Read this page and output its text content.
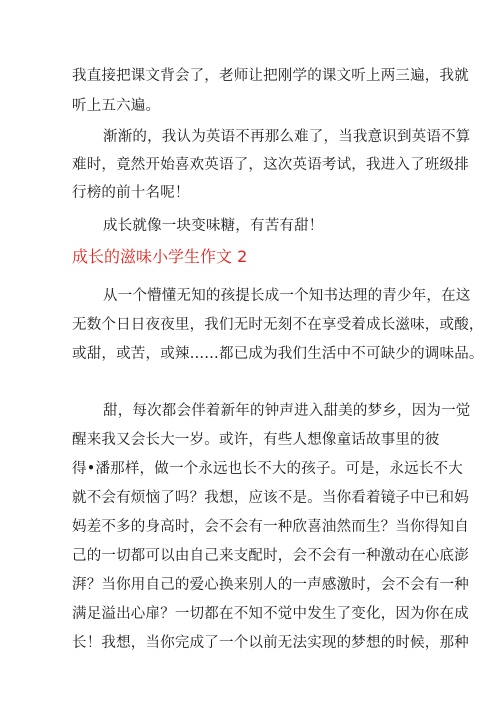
我直接把课文背会了，老师让把刚学的课文听上两三遍，我就
听上五六遍。
渐渐的，我认为英语不再那么难了，当我意识到英语不算
难时，竟然开始喜欢英语了，这次英语考试，我进入了班级排
行榜的前十名呢！
成长就像一块变味糖，有苦有甜！
成长的滋味小学生作文 2
从一个懵懂无知的孩提长成一个知书达理的青少年，在这
无数个日日夜夜里，我们无时无刻不在享受着成长滋味，或酸，
或甜，或苦，或辣……都已成为我们生活中不可缺少的调味品。
甜，每次都会伴着新年的钟声进入甜美的梦乡，因为一觉
醒来我又会长大一岁。或许，有些人想像童话故事里的彼
得•潘那样，做一个永远也长不大的孩子。可是，永远长不大
就不会有烦恼了吗？我想，应该不是。当你看着镜子中已和妈
妈差不多的身高时，会不会有一种欣喜油然而生？当你得知自
己的一切都可以由自己来支配时，会不会有一种激动在心底澎
湃？当你用自己的爱心换来别人的一声感激时，会不会有一种
满足溢出心扉？一切都在不知不觉中发生了变化，因为你在成
长！我想，当你完成了一个以前无法实现的梦想的时候，那种
